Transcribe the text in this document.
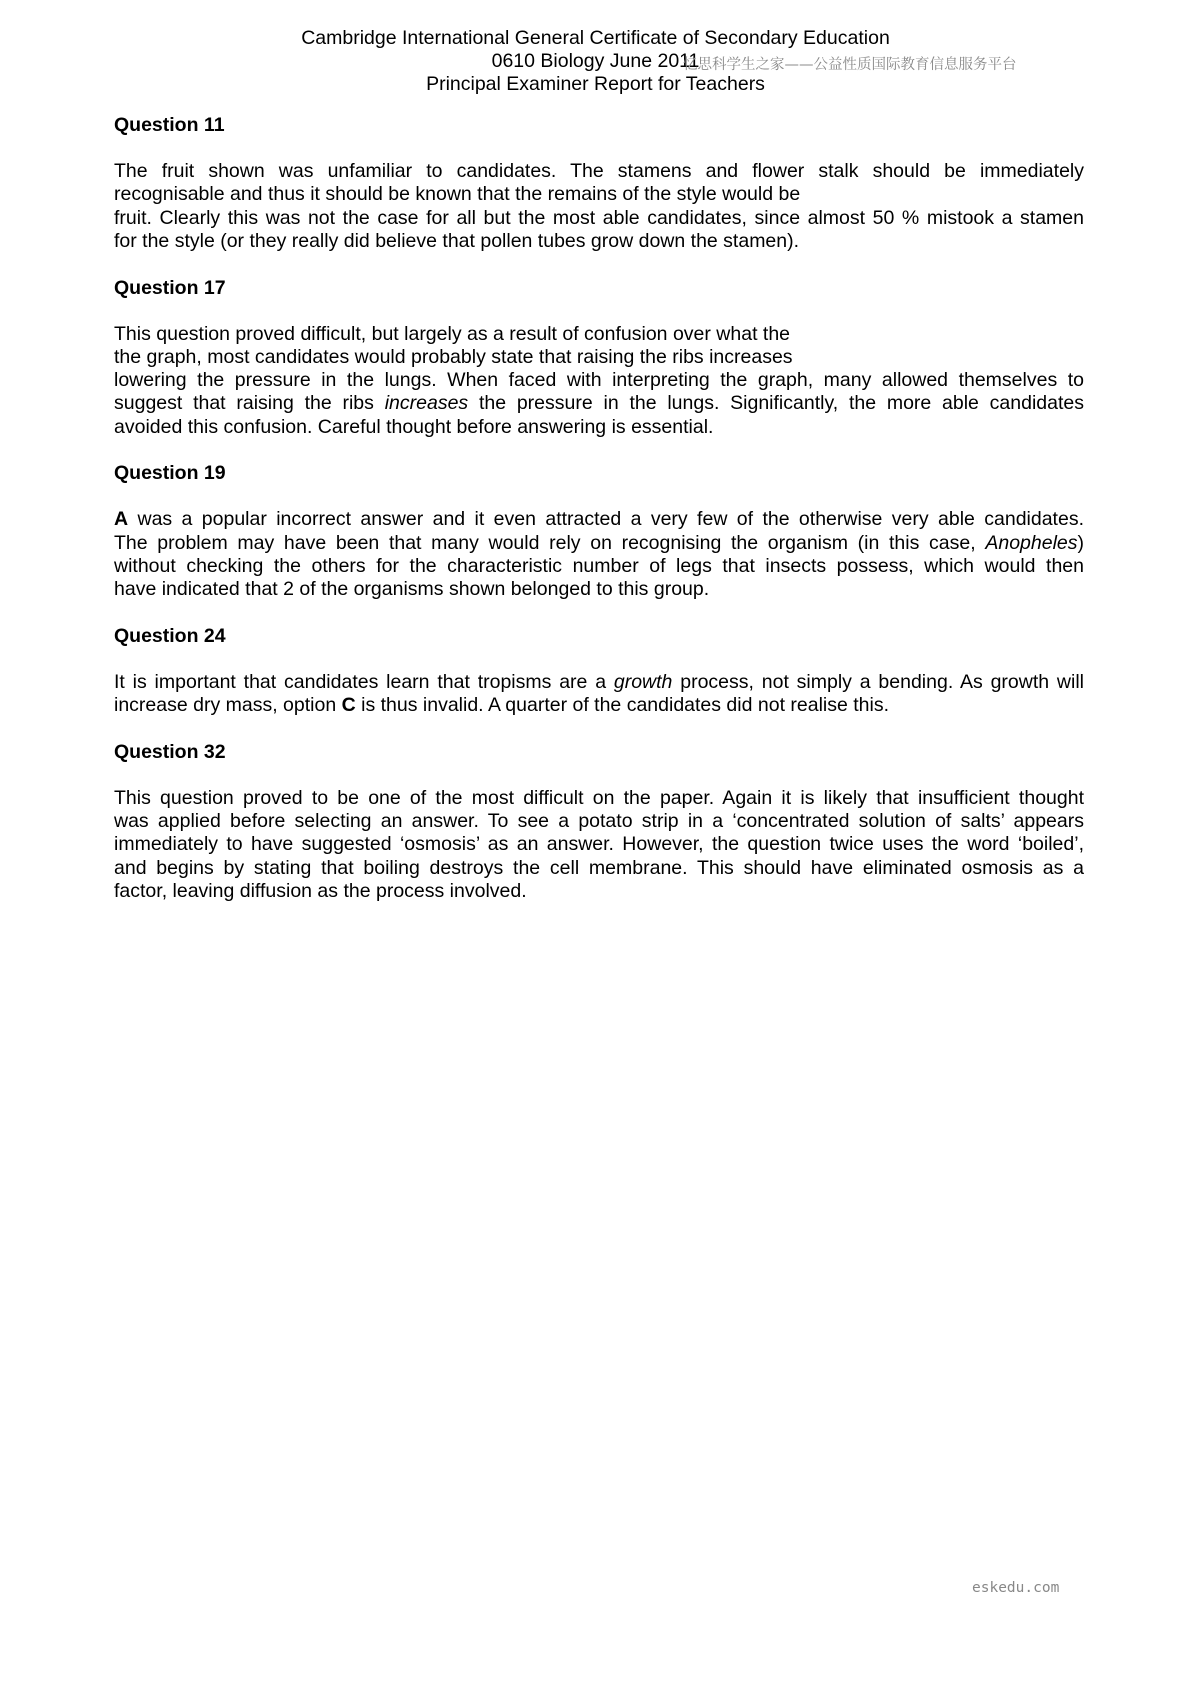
Cambridge International General Certificate of Secondary Education
0610 Biology June 2011
Principal Examiner Report for Teachers
忆思科学生之家——公益性质国际教育信息服务平台
Question 11
The fruit shown was unfamiliar to candidates. The stamens and flower stalk should be immediately
recognisable and thus it should be known that the remains of the style would be
fruit. Clearly this was not the case for all but the most able candidates, since almost 50 % mistook a stamen
for the style (or they really did believe that pollen tubes grow down the stamen).
Question 17
This question proved difficult, but largely as a result of confusion over what the
the graph, most candidates would probably state that raising the ribs increases
lowering the pressure in the lungs. When faced with interpreting the graph, many allowed themselves to
suggest that raising the ribs increases the pressure in the lungs. Significantly, the more able candidates
avoided this confusion. Careful thought before answering is essential.
Question 19
A was a popular incorrect answer and it even attracted a very few of the otherwise very able candidates.
The problem may have been that many would rely on recognising the organism (in this case, Anopheles)
without checking the others for the characteristic number of legs that insects possess, which would then
have indicated that 2 of the organisms shown belonged to this group.
Question 24
It is important that candidates learn that tropisms are a growth process, not simply a bending. As growth will
increase dry mass, option C is thus invalid. A quarter of the candidates did not realise this.
Question 32
This question proved to be one of the most difficult on the paper. Again it is likely that insufficient thought
was applied before selecting an answer. To see a potato strip in a ‘concentrated solution of salts’ appears
immediately to have suggested ‘osmosis’ as an answer. However, the question twice uses the word ‘boiled’,
and begins by stating that boiling destroys the cell membrane. This should have eliminated osmosis as a
factor, leaving diffusion as the process involved.
eskedu.com
